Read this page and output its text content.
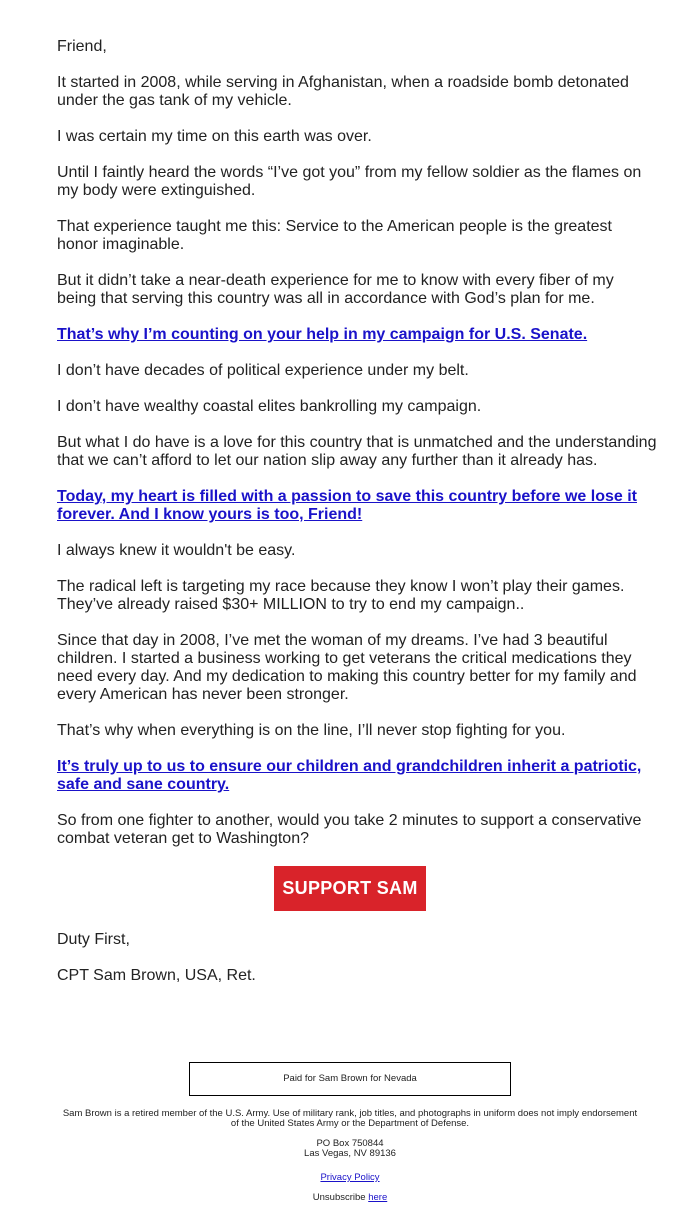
Friend,

It started in 2008, while serving in Afghanistan, when a roadside bomb detonated under the gas tank of my vehicle.

I was certain my time on this earth was over.

Until I faintly heard the words “I’ve got you” from my fellow soldier as the flames on my body were extinguished.

That experience taught me this: Service to the American people is the greatest honor imaginable.

But it didn’t take a near-death experience for me to know with every fiber of my being that serving this country was all in accordance with God’s plan for me.

That’s why I’m counting on your help in my campaign for U.S. Senate.

I don’t have decades of political experience under my belt.

I don’t have wealthy coastal elites bankrolling my campaign.

But what I do have is a love for this country that is unmatched and the understanding that we can’t afford to let our nation slip away any further than it already has.

Today, my heart is filled with a passion to save this country before we lose it forever. And I know yours is too, Friend!

I always knew it wouldn't be easy.

The radical left is targeting my race because they know I won’t play their games. They’ve already raised $30+ MILLION to try to end my campaign..

Since that day in 2008, I’ve met the woman of my dreams. I’ve had 3 beautiful children. I started a business working to get veterans the critical medications they need every day. And my dedication to making this country better for my family and every American has never been stronger.

That’s why when everything is on the line, I’ll never stop fighting for you.

It’s truly up to us to ensure our children and grandchildren inherit a patriotic, safe and sane country.

So from one fighter to another, would you take 2 minutes to support a conservative combat veteran get to Washington?

SUPPORT SAM

Duty First,

CPT Sam Brown, USA, Ret.

Paid for Sam Brown for Nevada
Sam Brown is a retired member of the U.S. Army. Use of military rank, job titles, and photographs in uniform does not imply endorsement of the United States Army or the Department of Defense.
PO Box 750844
Las Vegas, NV 89136
Privacy Policy
Unsubscribe here
